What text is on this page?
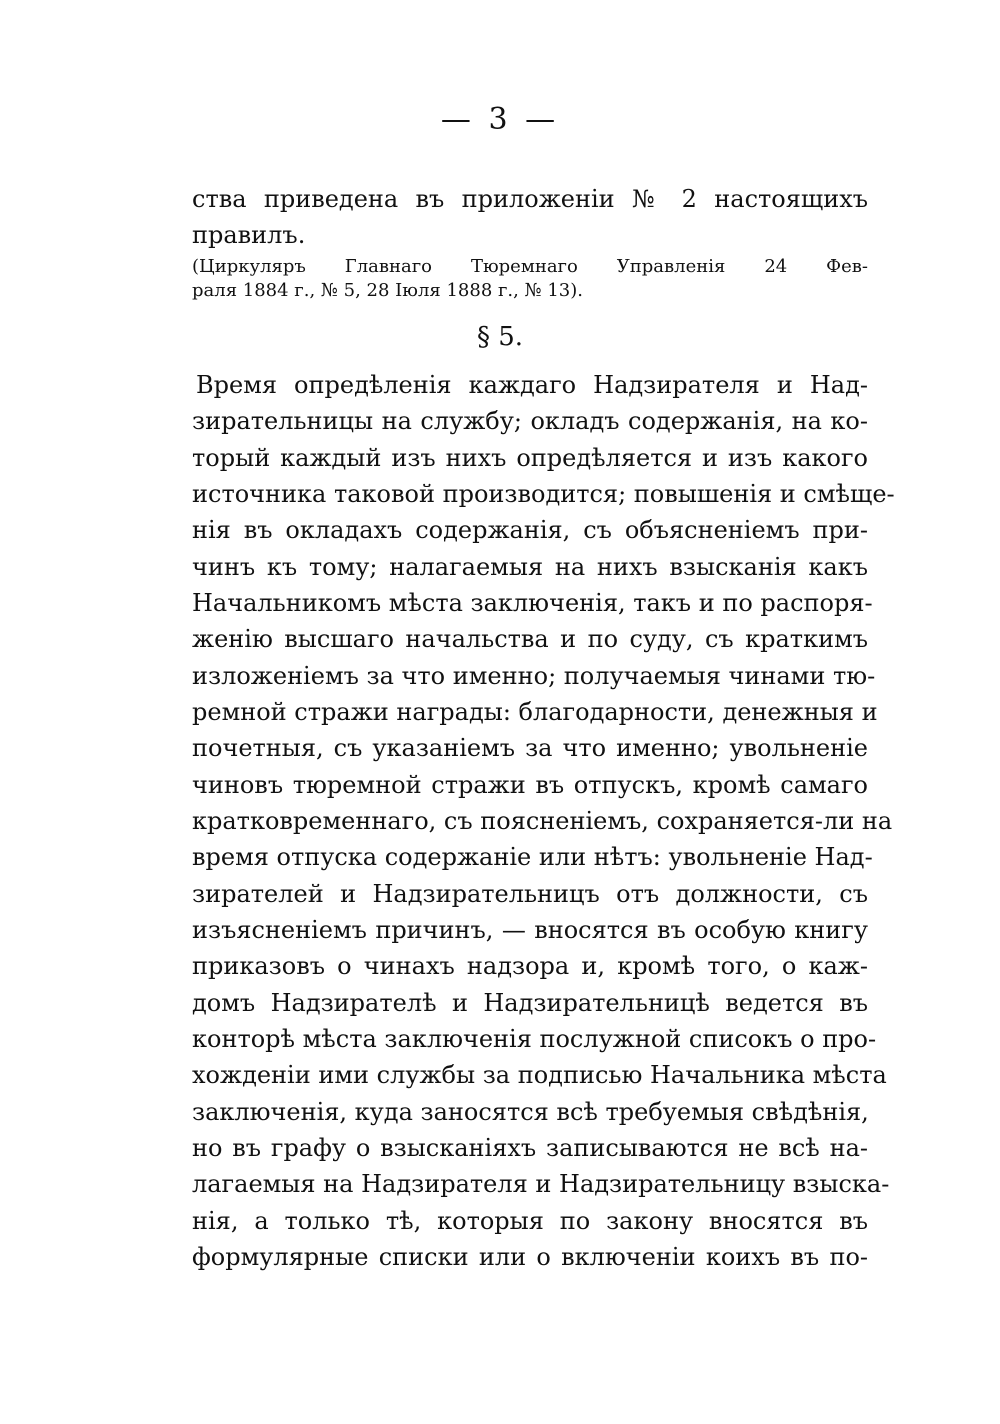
— 3 —
ства приведена въ приложеніи № 2 настоящихъ
правилъ.
(Циркуляръ Главнаго Тюремнаго Управленія 24 Фев-
раля 1884 г., № 5, 28 Іюля 1888 г., № 13).
§ 5.
Время опредѣленія каждаго Надзирателя и Над-
зирательницы на службу; окладъ содержанія, на ко-
торый каждый изъ нихъ опредѣляется и изъ какого
источника таковой производится; повышенія и смѣще-
нія въ окладахъ содержанія, съ объясненіемъ при-
чинъ къ тому; налагаемыя на нихъ взысканія какъ
Начальникомъ мѣста заключенія, такъ и по распоря-
женію высшаго начальства и по суду, съ краткимъ
изложеніемъ за что именно; получаемыя чинами тю-
ремной стражи награды: благодарности, денежныя и
почетныя, съ указаніемъ за что именно; увольненіе
чиновъ тюремной стражи въ отпускъ, кромѣ самаго
кратковременнаго, съ поясненіемъ, сохраняется-ли на
время отпуска содержаніе или нѣтъ: увольненіе Над-
зирателей и Надзирательницъ отъ должности, съ
изъясненіемъ причинъ, — вносятся въ особую книгу
приказовъ о чинахъ надзора и, кромѣ того, о каж-
домъ Надзирателѣ и Надзирательницѣ ведется въ
конторѣ мѣста заключенія послужной списокъ о про-
хожденіи ими службы за подписью Начальника мѣста
заключенія, куда заносятся всѣ требуемыя свѣдѣнія,
но въ графу о взысканіяхъ записываются не всѣ на-
лагаемыя на Надзирателя и Надзирательницу взыска-
нія, а только тѣ, которыя по закону вносятся въ
формулярные списки или о включеніи коихъ въ по-
